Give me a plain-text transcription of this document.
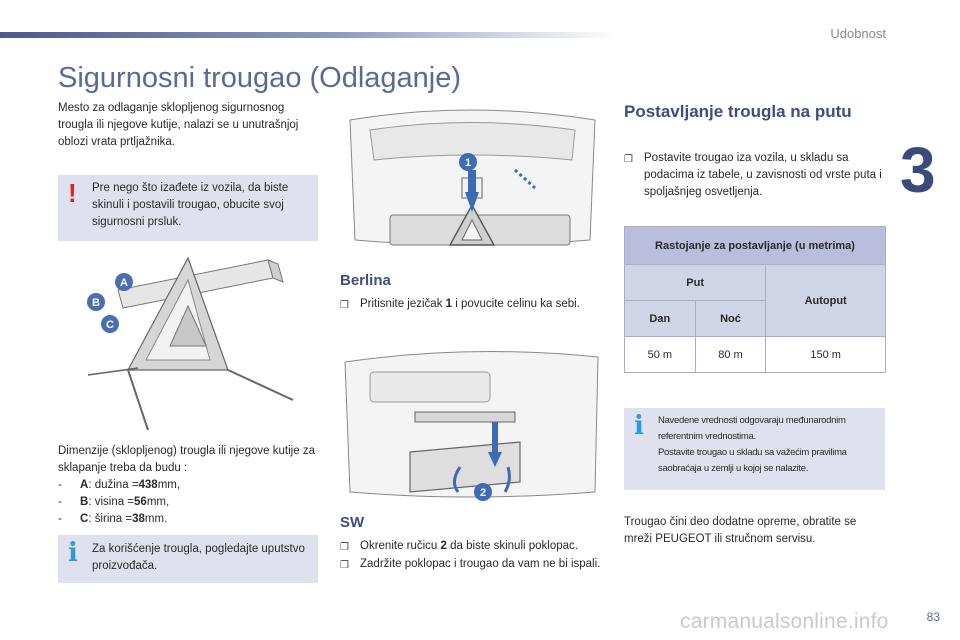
Udobnost
3
Sigurnosni trougao (Odlaganje)

Mesto za odlaganje sklopljenog sigurnosnog trougla ili njegove kutije, nalazi se u unutrašnjoj oblozi vrata prtljažnika.

! Pre nego što izađete iz vozila, da biste skinuli i postavili trougao, obucite svoj sigurnosni prsluk.
A
B
C
Dimenzije (sklopljenog) trougla ili njegove kutije za sklapanje treba da budu :
-	A : dužina = 438 mm,
-	B : visina = 56 mm,
-	C : širina = 38 mm.
i Za korišćenje trougla, pogledajte uputstvo proizvođača.
1
Berlina
❒ Pritisnite jezičak 1 i povucite celinu ka sebi.
2
SW
❒ Okrenite ručicu 2 da biste skinuli poklopac.
❒ Zadržite poklopac i trougao da vam ne bi ispali.
Postavljanje trougla na putu
❒ Postavite trougao iza vozila, u skladu sa podacima iz tabele, u zavisnosti od vrste puta i spoljašnjeg osvetljenja.
Rastojanje za postavljanje (u metrima)		
Put		Autoput
Dan	Noć	
50 m	80 m	150 m
i Navedene vrednosti odgovaraju međunarodnim referentnim vrednostima.
Postavite trougao u skladu sa važećim pravilima saobraćaja u zemlji u kojoj se nalazite.

Trougao čini deo dodatne opreme, obratite se mreži PEUGEOT ili stručnom servisu.

carmanualsonline.info	83
